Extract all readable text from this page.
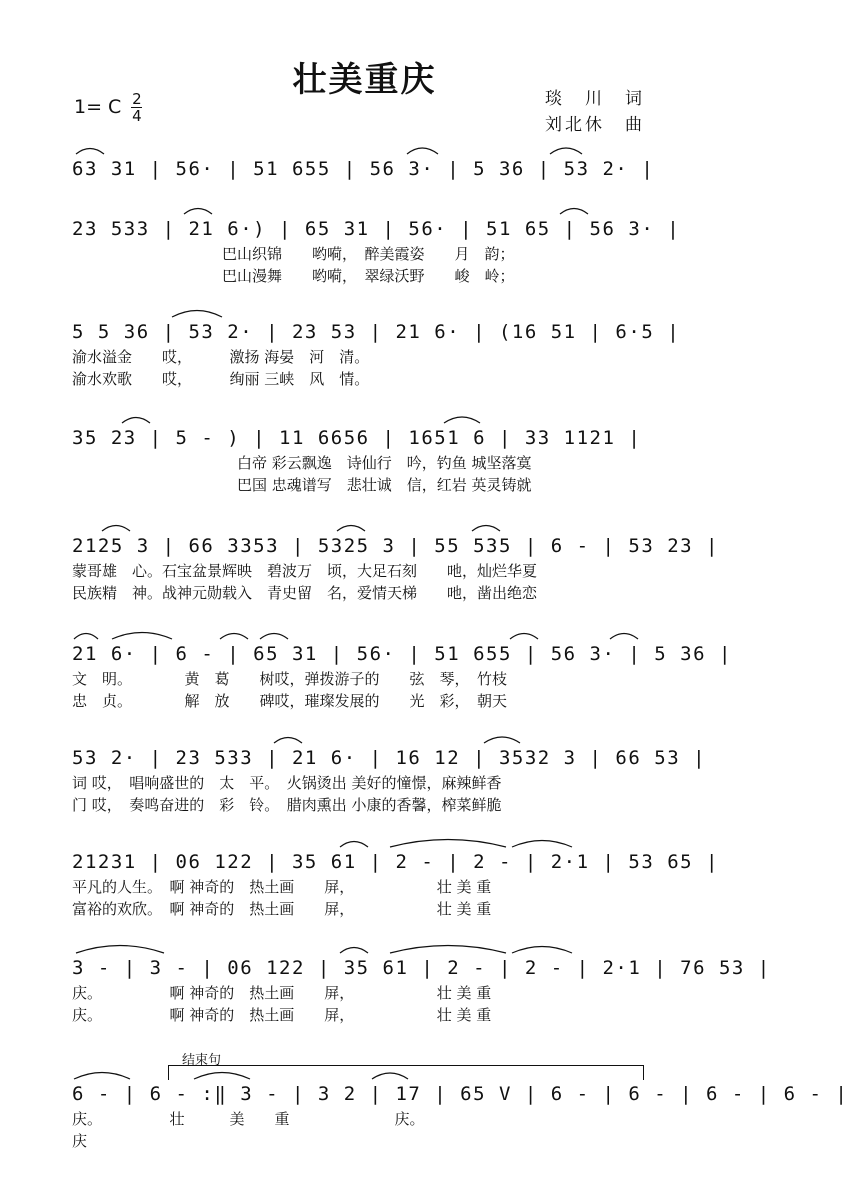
壮美重庆
1= C $\frac{2}{4}$	琰　川　词
刘北休　曲
63 31 | 56· | 51 655 | 56 3· | 5 36 | 53 2· |
23 533 | 21 6·) | 65 31 | 56· | 51 65 | 56 3· |
　　　　　　　　　　巴山织锦　　哟嗬，　醉美霞姿　　月　韵；
　　　　　　　　　　巴山漫舞　　哟嗬，　翠绿沃野　　峻　岭；
5 5 36 | 53 2· | 23 53 | 21 6· | (16 51 | 6·5 |
渝水溢金　　哎，　　　激扬 海晏　河　清。
渝水欢歌　　哎，　　　绚丽 三峡　风　情。
35 23 | 5 - ) | 11 6656 | 1651 6 | 33 1121 |
　　　　　　　　　　　白帝 彩云飘逸　诗仙行　吟，钓鱼 城坚落寞
　　　　　　　　　　　巴国 忠魂谱写　悲壮诚　信，红岩 英灵铸就
2125 3 | 66 3353 | 5325 3 | 55 535 | 6 - | 53 23 |
蒙哥雄　心。石宝盆景辉映　碧波万　顷，大足石刻　　吔，灿烂华夏
民族精　神。战神元勋载入　青史留　名，爱情天梯　　吔，凿出绝恋
21 6· | 6 - | 65 31 | 56· | 51 655 | 56 3· | 5 36 |
文　明。　　　　黄　葛　　树哎，弹拨游子的　　弦　琴，　竹枝
忠　贞。　　　　解　放　　碑哎，璀璨发展的　　光　彩，　朝天
53 2· | 23 533 | 21 6· | 16 12 | 3532 3 | 66 53 |
词 哎，　唱响盛世的　太　平。　火锅烫出 美好的憧憬，麻辣鲜香
门 哎，　奏鸣奋进的　彩　铃。　腊肉熏出 小康的香馨，榨菜鲜脆
21231 | 06 122 | 35 61 | 2 - | 2 - | 2·1 | 53 65 |
平凡的人生。　啊 神奇的　热土画　　屏，　　　　　　壮 美 重
富裕的欢欣。　啊 神奇的　热土画　　屏，　　　　　　壮 美 重
3 - | 3 - | 06 122 | 35 61 | 2 - | 2 - | 2·1 | 76 53 |
庆。　　　　　啊 神奇的　热土画　　屏，　　　　　　壮 美 重
庆。　　　　　啊 神奇的　热土画　　屏，　　　　　　壮 美 重
结束句
6 - | 6 - :‖ 3 - | 3 2 | 17 | 65 V | 6 - | 6 - | 6 - | 6 - |
庆。　　　　　壮　　　美　　重　　　　　　　庆。
庆
